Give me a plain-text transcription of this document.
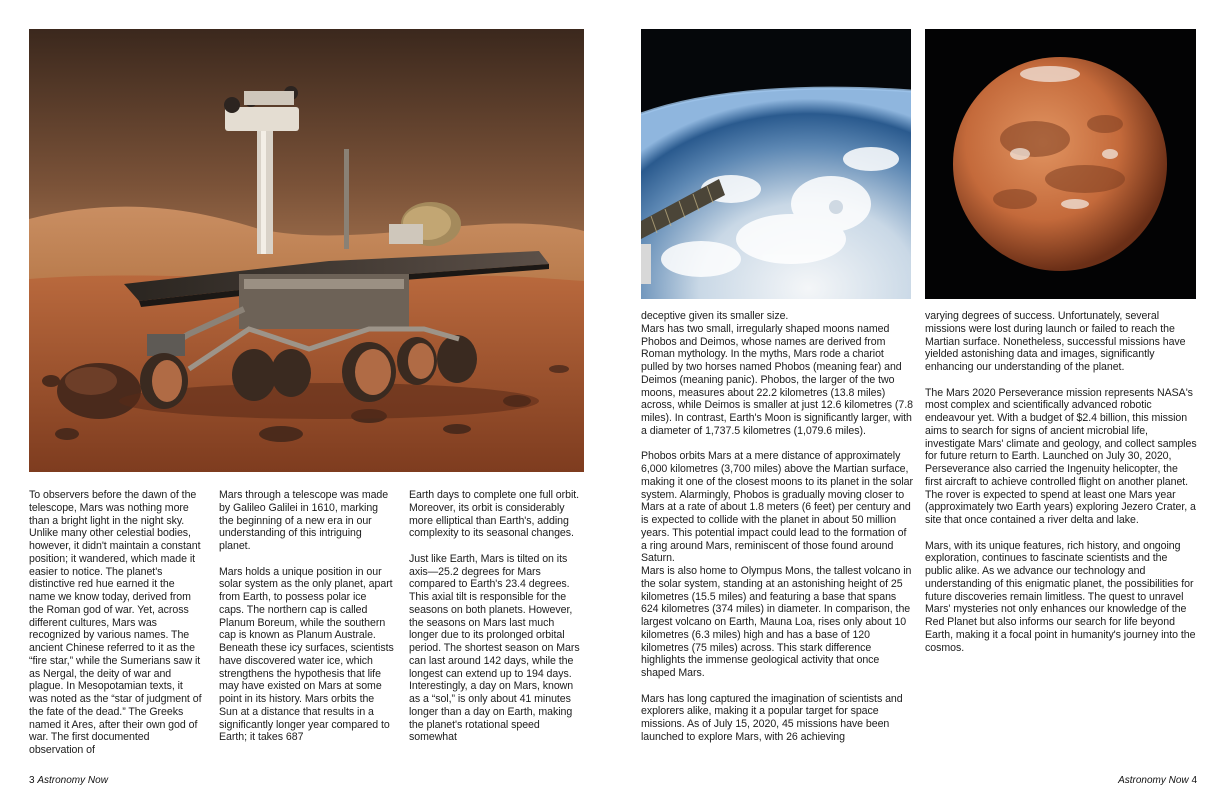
To observers before the dawn of the telescope, Mars was nothing more than a bright light in the night sky. Unlike many other celestial bodies, however, it didn't maintain a constant position; it wandered, which made it easier to notice. The planet's distinctive red hue earned it the name we know today, derived from the Roman god of war. Yet, across different cultures, Mars was recognized by various names. The ancient Chinese referred to it as the “fire star,” while the Sumerians saw it as Nergal, the deity of war and plague. In Mesopotamian texts, it was noted as the “star of judgment of the fate of the dead.” The Greeks named it Ares, after their own god of war. The first documented observation of

Mars through a telescope was made by Galileo Galilei in 1610, marking the beginning of a new era in our understanding of this intriguing planet.

Mars holds a unique position in our solar system as the only planet, apart from Earth, to possess polar ice caps. The northern cap is called Planum Boreum, while the southern cap is known as Planum Australe. Beneath these icy surfaces, scientists have discovered water ice, which strengthens the hypothesis that life may have existed on Mars at some point in its history. Mars orbits the Sun at a distance that results in a significantly longer year compared to Earth; it takes 687

Earth days to complete one full orbit. Moreover, its orbit is considerably more elliptical than Earth's, adding complexity to its seasonal changes.

Just like Earth, Mars is tilted on its axis—25.2 degrees for Mars compared to Earth's 23.4 degrees. This axial tilt is responsible for the seasons on both planets. However, the seasons on Mars last much longer due to its prolonged orbital period. The shortest season on Mars can last around 142 days, while the longest can extend up to 194 days. Interestingly, a day on Mars, known as a “sol,” is only about 41 minutes longer than a day on Earth, making the planet's rotational speed somewhat

3 Astronomy Now

deceptive given its smaller size.

Mars has two small, irregularly shaped moons named Phobos and Deimos, whose names are derived from Roman mythology. In the myths, Mars rode a chariot pulled by two horses named Phobos (meaning fear) and Deimos (meaning panic). Phobos, the larger of the two moons, measures about 22.2 kilometres (13.8 miles) across, while Deimos is smaller at just 12.6 kilometres (7.8 miles). In contrast, Earth's Moon is significantly larger, with a diameter of 1,737.5 kilometres (1,079.6 miles).

Phobos orbits Mars at a mere distance of approximately 6,000 kilometres (3,700 miles) above the Martian surface, making it one of the closest moons to its planet in the solar system. Alarmingly, Phobos is gradually moving closer to Mars at a rate of about 1.8 meters (6 feet) per century and is expected to collide with the planet in about 50 million years. This potential impact could lead to the formation of a ring around Mars, reminiscent of those found around Saturn.

Mars is also home to Olympus Mons, the tallest volcano in the solar system, standing at an astonishing height of 25 kilometres (15.5 miles) and featuring a base that spans 624 kilometres (374 miles) in diameter. In comparison, the largest volcano on Earth, Mauna Loa, rises only about 10 kilometres (6.3 miles) high and has a base of 120 kilometres (75 miles) across. This stark difference highlights the immense geological activity that once shaped Mars.

Mars has long captured the imagination of scientists and explorers alike, making it a popular target for space missions. As of July 15, 2020, 45 missions have been launched to explore Mars, with 26 achieving

varying degrees of success. Unfortunately, several missions were lost during launch or failed to reach the Martian surface. Nonetheless, successful missions have yielded astonishing data and images, significantly enhancing our understanding of the planet.

The Mars 2020 Perseverance mission represents NASA's most complex and scientifically advanced robotic endeavour yet. With a budget of $2.4 billion, this mission aims to search for signs of ancient microbial life, investigate Mars' climate and geology, and collect samples for future return to Earth. Launched on July 30, 2020, Perseverance also carried the Ingenuity helicopter, the first aircraft to achieve controlled flight on another planet. The rover is expected to spend at least one Mars year (approximately two Earth years) exploring Jezero Crater, a site that once contained a river delta and lake.

Mars, with its unique features, rich history, and ongoing exploration, continues to fascinate scientists and the public alike. As we advance our technology and understanding of this enigmatic planet, the possibilities for future discoveries remain limitless. The quest to unravel Mars' mysteries not only enhances our knowledge of the Red Planet but also informs our search for life beyond Earth, making it a focal point in humanity's journey into the cosmos.

Astronomy Now 4
